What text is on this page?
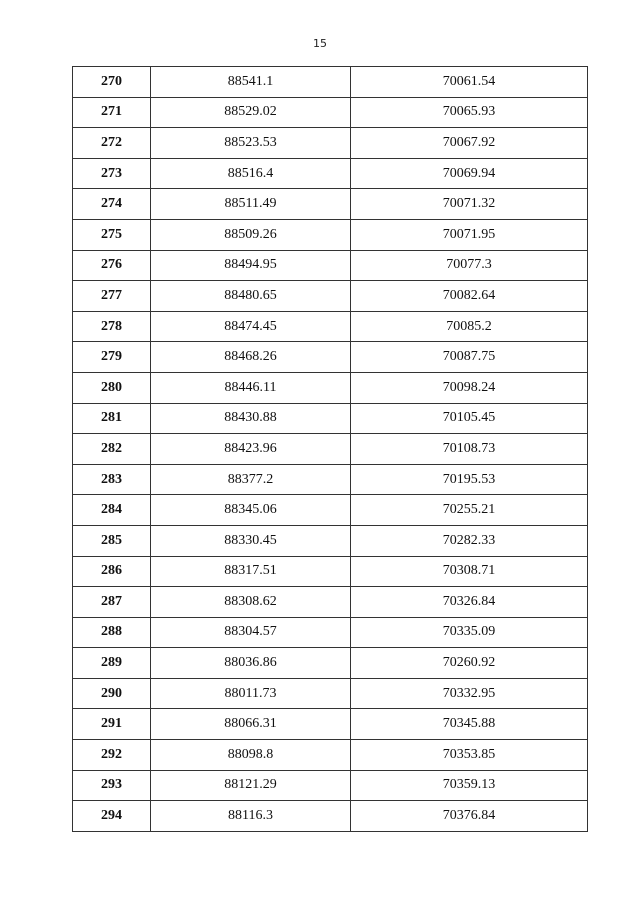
15
270	88541.1	70061.54
271	88529.02	70065.93
272	88523.53	70067.92
273	88516.4	70069.94
274	88511.49	70071.32
275	88509.26	70071.95
276	88494.95	70077.3
277	88480.65	70082.64
278	88474.45	70085.2
279	88468.26	70087.75
280	88446.11	70098.24
281	88430.88	70105.45
282	88423.96	70108.73
283	88377.2	70195.53
284	88345.06	70255.21
285	88330.45	70282.33
286	88317.51	70308.71
287	88308.62	70326.84
288	88304.57	70335.09
289	88036.86	70260.92
290	88011.73	70332.95
291	88066.31	70345.88
292	88098.8	70353.85
293	88121.29	70359.13
294	88116.3	70376.84
